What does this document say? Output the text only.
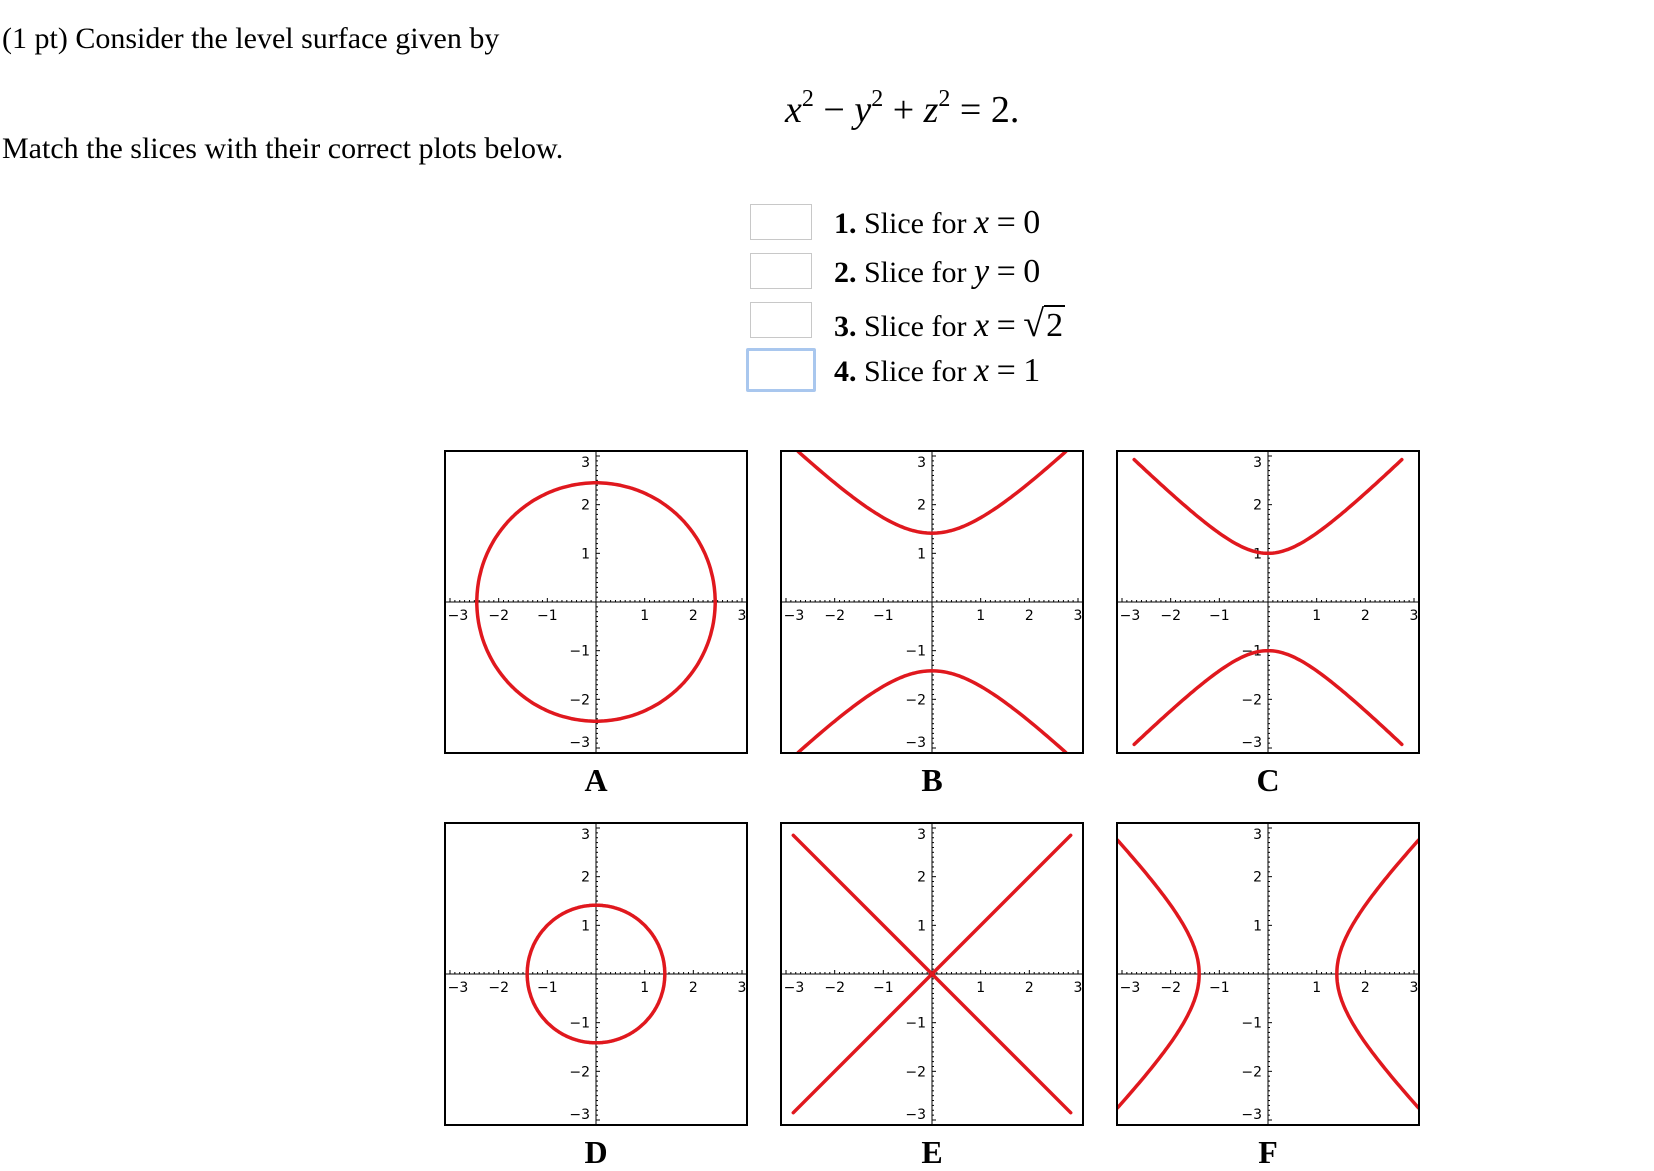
(1 pt) Consider the level surface given by
$x^2 - y^2 + z^2 = 2$.
Match the slices with their correct plots below.
1. Slice for x = 0
2. Slice for y = 0
3. Slice for x = √2
4. Slice for x = 1
−3
−3
−2
−2
−1
−1
1
1
2
2
3
3
A
−3
−3
−2
−2
−1
−1
1
1
2
2
3
3
B
−3
−3
−2
−2
−1
−1
1
1
2
2
3
3
C
−3
−3
−2
−2
−1
−1
1
1
2
2
3
3
D
−3
−3
−2
−2
−1
−1
1
1
2
2
3
3
E
−3
−3
−2
−2
−1
−1
1
1
2
2
3
3
F
